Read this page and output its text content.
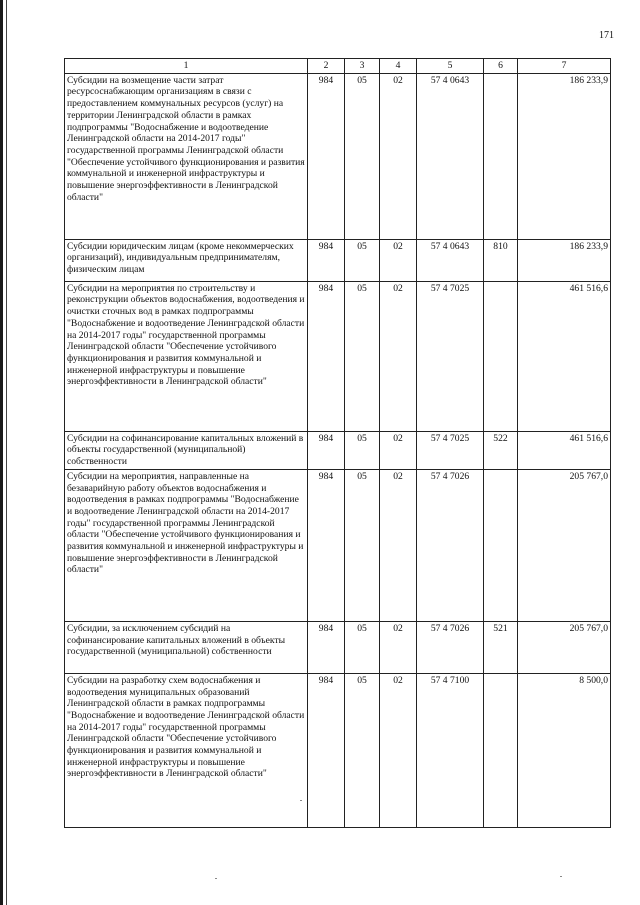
171
1	2	3	4	5	6	7
Субсидии на возмещение части затрат ресурсоснабжающим организациям в связи с предоставлением коммунальных ресурсов (услуг) на территории Ленинградской области в рамках подпрограммы "Водоснабжение и водоотведение Ленинградской области на 2014-2017 годы" государственной программы Ленинградской области "Обеспечение устойчивого функционирования и развития коммунальной и инженерной инфраструктуры и повышение энергоэффективности в Ленинградской области"	984	05	02	57 4 0643		186 233,9
Субсидии юридическим лицам (кроме некоммерческих организаций), индивидуальным предпринимателям, физическим лицам	984	05	02	57 4 0643	810	186 233,9
Субсидии на мероприятия по строительству и реконструкции объектов водоснабжения, водоотведения и очистки сточных вод в рамках подпрограммы "Водоснабжение и водоотведение Ленинградской области на 2014-2017 годы" государственной программы Ленинградской области "Обеспечение устойчивого функционирования и развития коммунальной и инженерной инфраструктуры и повышение энергоэффективности в Ленинградской области"	984	05	02	57 4 7025		461 516,6
Субсидии на софинансирование капитальных вложений в объекты государственной (муниципальной) собственности	984	05	02	57 4 7025	522	461 516,6
Субсидии на мероприятия, направленные на безаварийную работу объектов водоснабжения и водоотведения в рамках подпрограммы "Водоснабжение и водоотведение Ленинградской области на 2014-2017 годы" государственной программы Ленинградской области "Обеспечение устойчивого функционирования и развития коммунальной и инженерной инфраструктуры и повышение энергоэффективности в Ленинградской области"	984	05	02	57 4 7026		205 767,0
Субсидии, за исключением субсидий на софинансирование капитальных вложений в объекты государственной (муниципальной) собственности	984	05	02	57 4 7026	521	205 767,0
Субсидии на разработку схем водоснабжения и водоотведения муниципальных образований Ленинградской области в рамках подпрограммы "Водоснабжение и водоотведение Ленинградской области на 2014-2017 годы" государственной программы Ленинградской области "Обеспечение устойчивого функционирования и развития коммунальной и инженерной инфраструктуры и повышение энергоэффективности в Ленинградской области"	984	05	02	57 4 7100		8 500,0
